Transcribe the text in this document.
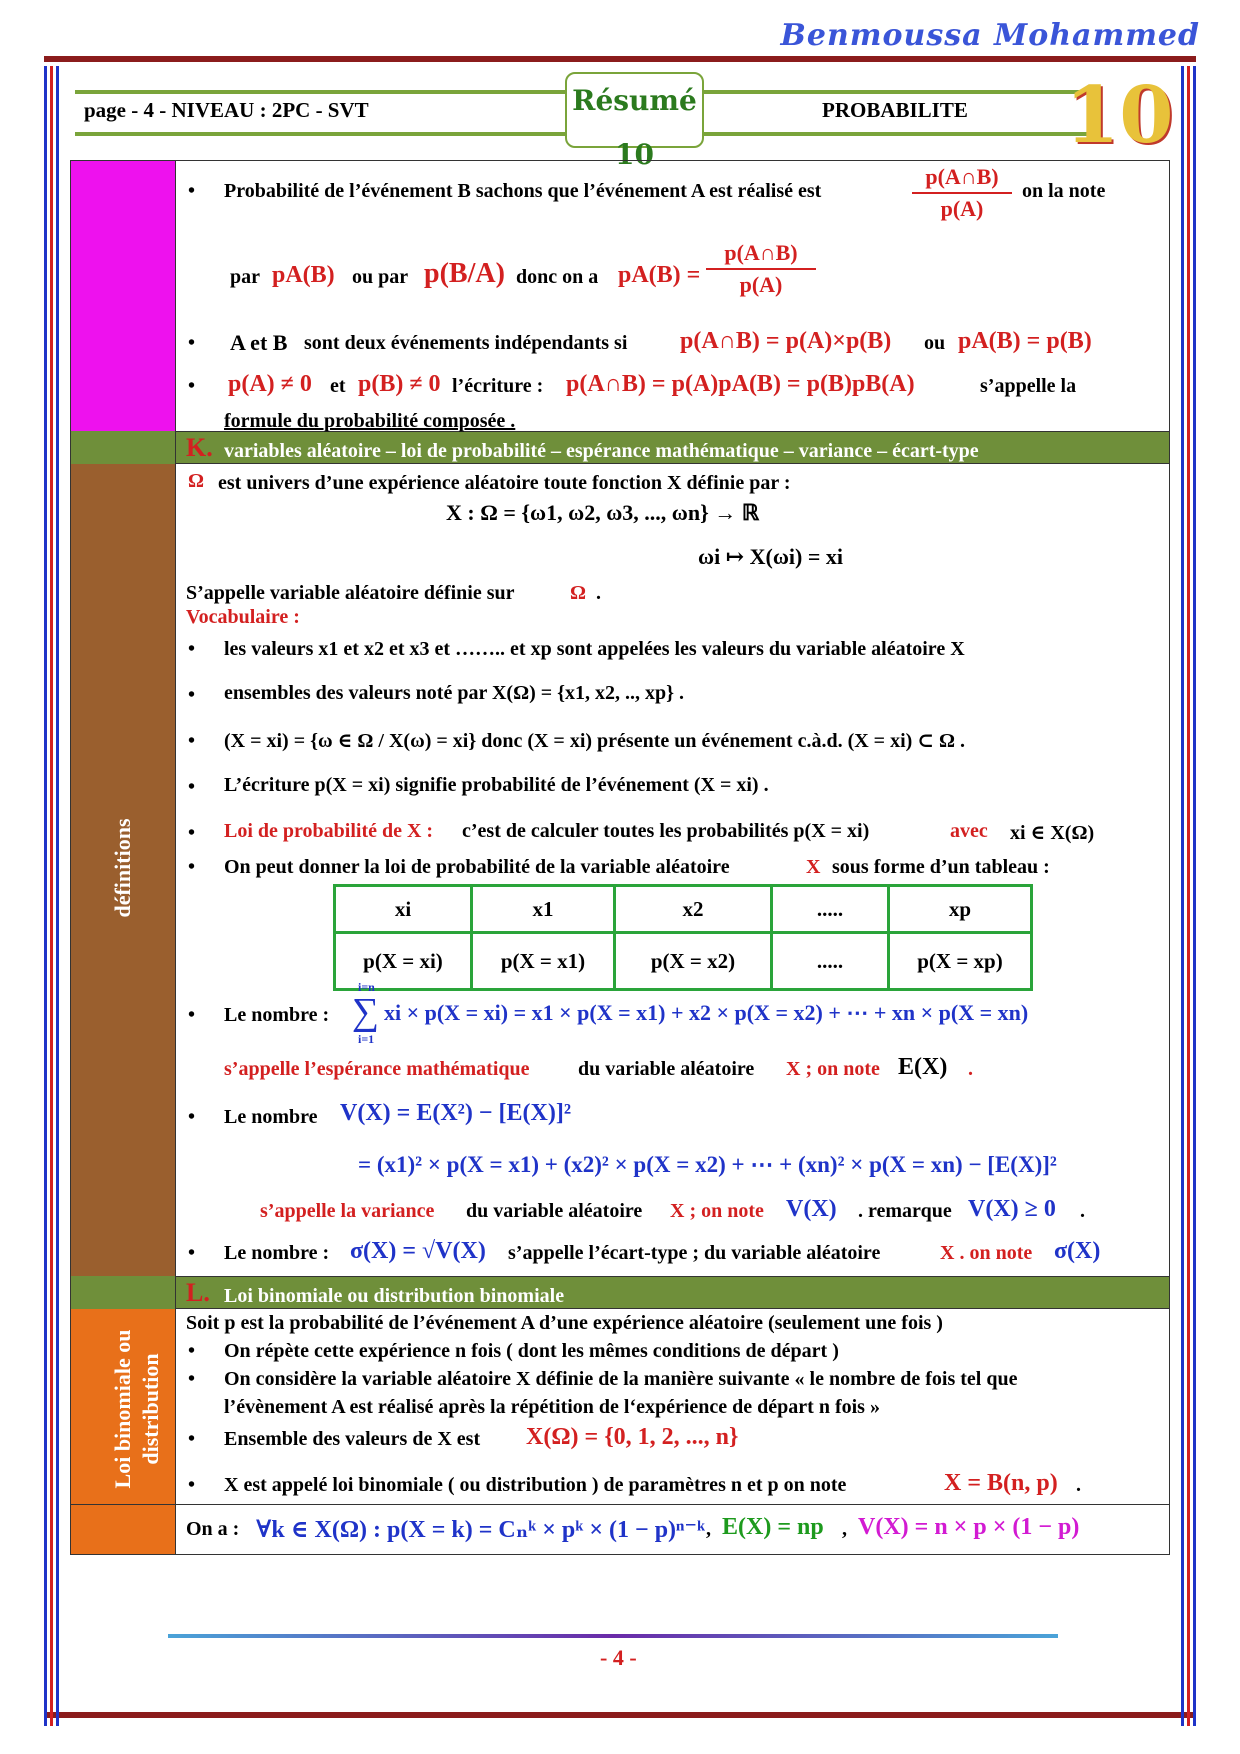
Benmoussa Mohammed
page - 4 - NIVEAU : 2PC - SVT	PROBABILITE
Résumé 10	10
K. variables aléatoire – loi de probabilité – espérance mathématique – variance – écart-type
L. Loi binomiale ou distribution binomiale
définitions
Loi binomiale ou distribution
• Probabilité de l’événement B sachons que l’événement A est réalisé est
p(A∩B)
p(A)
on la note
par pA(B) ou par p(B/A) donc on a pA(B) =
p(A∩B)
p(A)
• A et B sont deux événements indépendants si p(A∩B) = p(A)×p(B) ou pA(B) = p(B)
• p(A) ≠ 0 et p(B) ≠ 0 l’écriture : p(A∩B) = p(A)pA(B) = p(B)pB(A)	s’appelle la
formule du probabilité composée .
Ω est univers d’une expérience aléatoire toute fonction X définie par :
X : Ω = {ω1, ω2, ω3, ..., ωn} → ℝ
ωi ↦ X(ωi) = xi
S’appelle variable aléatoire définie sur	Ω .
Vocabulaire :
• les valeurs x1 et x2 et x3 et …….. et xp sont appelées les valeurs du variable aléatoire X
• ensembles des valeurs noté par X(Ω) = {x1, x2, .., xp} .
• (X = xi) = {ω ∈ Ω / X(ω) = xi} donc (X = xi) présente un événement c.à.d. (X = xi) ⊂ Ω .
• L’écriture p(X = xi) signifie probabilité de l’événement (X = xi) .
• Loi de probabilité de X : c’est de calculer toutes les probabilités p(X = xi)	avec xi ∈ X(Ω)
• On peut donner la loi de probabilité de la variable aléatoire	X sous forme d’un tableau :
xi	x1	x2	.....	xp
p(X = xi)	p(X = x1)	p(X = x2)	.....	p(X = xp)
• Le nombre :
i=n
∑
i=1
xi × p(X = xi) = x1 × p(X = x1) + x2 × p(X = x2) + ⋯ + xn × p(X = xn)
s’appelle l’espérance mathématique du variable aléatoire X ; on note E(X) .
• Le nombre V(X) = E(X²) − [E(X)]²
= (x1)² × p(X = x1) + (x2)² × p(X = x2) + ⋯ + (xn)² × p(X = xn) − [E(X)]²
s’appelle la variance du variable aléatoire X ; on note V(X) . remarque V(X) ≥ 0 .
• Le nombre : σ(X) = √V(X) s’appelle l’écart-type ; du variable aléatoire	X . on note σ(X)
Soit p est la probabilité de l’événement A d’une expérience aléatoire (seulement une fois )
• On répète cette expérience n fois ( dont les mêmes conditions de départ )
• On considère la variable aléatoire X définie de la manière suivante « le nombre de fois tel que
l’évènement A est réalisé après la répétition de l‘expérience de départ n fois »
• Ensemble des valeurs de X est X(Ω) = {0, 1, 2, ..., n}
• X est appelé loi binomiale ( ou distribution ) de paramètres n et p on note	X = B(n, p) .
On a : ∀k ∈ X(Ω) : p(X = k) = Cₙᵏ × pᵏ × (1 − p)ⁿ⁻ᵏ , E(X) = np , V(X) = n × p × (1 − p)
- 4 -
